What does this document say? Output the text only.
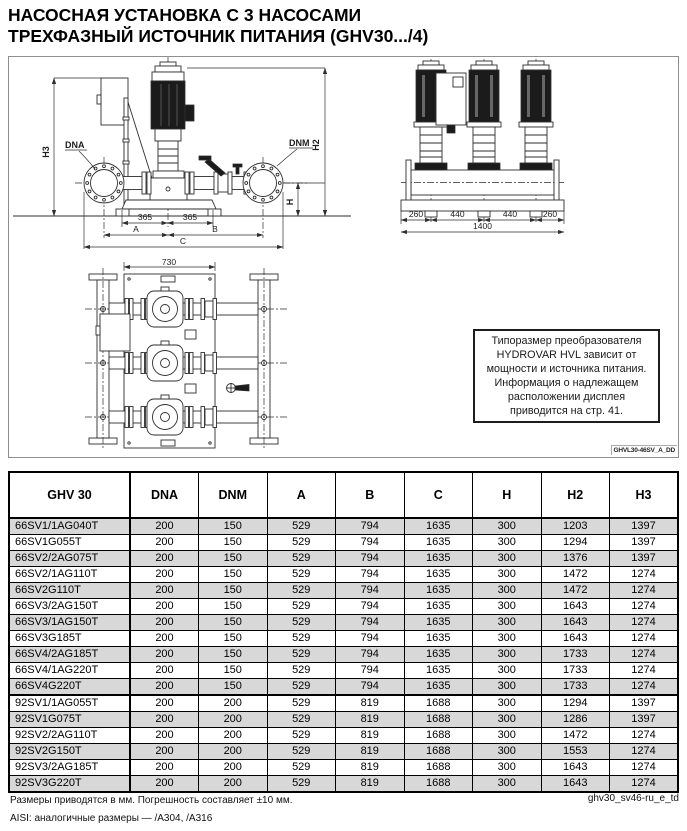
НАСОСНАЯ УСТАНОВКА С 3 НАСОСАМИ
ТРЕХФАЗНЫЙ ИСТОЧНИК ПИТАНИЯ (GHV30.../4)
H3
H2
H
DNA	DNM
365	365
A	B
C
260	440	440	260
1400
730
Типоразмер преобразователя HYDROVAR HVL зависит от мощности и источника питания. Информация о надлежащем расположении дисплея приводится на стр. 41.
GHVL30-46SV_A_DD
GHV 30	DNA	DNM	A	B	C	H	H2	H3
66SV1/1AG040T	200	150	529	794	1635	300	1203	1397
66SV1G055T	200	150	529	794	1635	300	1294	1397
66SV2/2AG075T	200	150	529	794	1635	300	1376	1397
66SV2/1AG110T	200	150	529	794	1635	300	1472	1274
66SV2G110T	200	150	529	794	1635	300	1472	1274
66SV3/2AG150T	200	150	529	794	1635	300	1643	1274
66SV3/1AG150T	200	150	529	794	1635	300	1643	1274
66SV3G185T	200	150	529	794	1635	300	1643	1274
66SV4/2AG185T	200	150	529	794	1635	300	1733	1274
66SV4/1AG220T	200	150	529	794	1635	300	1733	1274
66SV4G220T	200	150	529	794	1635	300	1733	1274
92SV1/1AG055T	200	200	529	819	1688	300	1294	1397
92SV1G075T	200	200	529	819	1688	300	1286	1397
92SV2/2AG110T	200	200	529	819	1688	300	1472	1274
92SV2G150T	200	200	529	819	1688	300	1553	1274
92SV3/2AG185T	200	200	529	819	1688	300	1643	1274
92SV3G220T	200	200	529	819	1688	300	1643	1274
Размеры приводятся в мм. Погрешность составляет ±10 мм.
AISI: аналогичные размеры — /А304, /А316
ghv30_sv46-ru_e_td
